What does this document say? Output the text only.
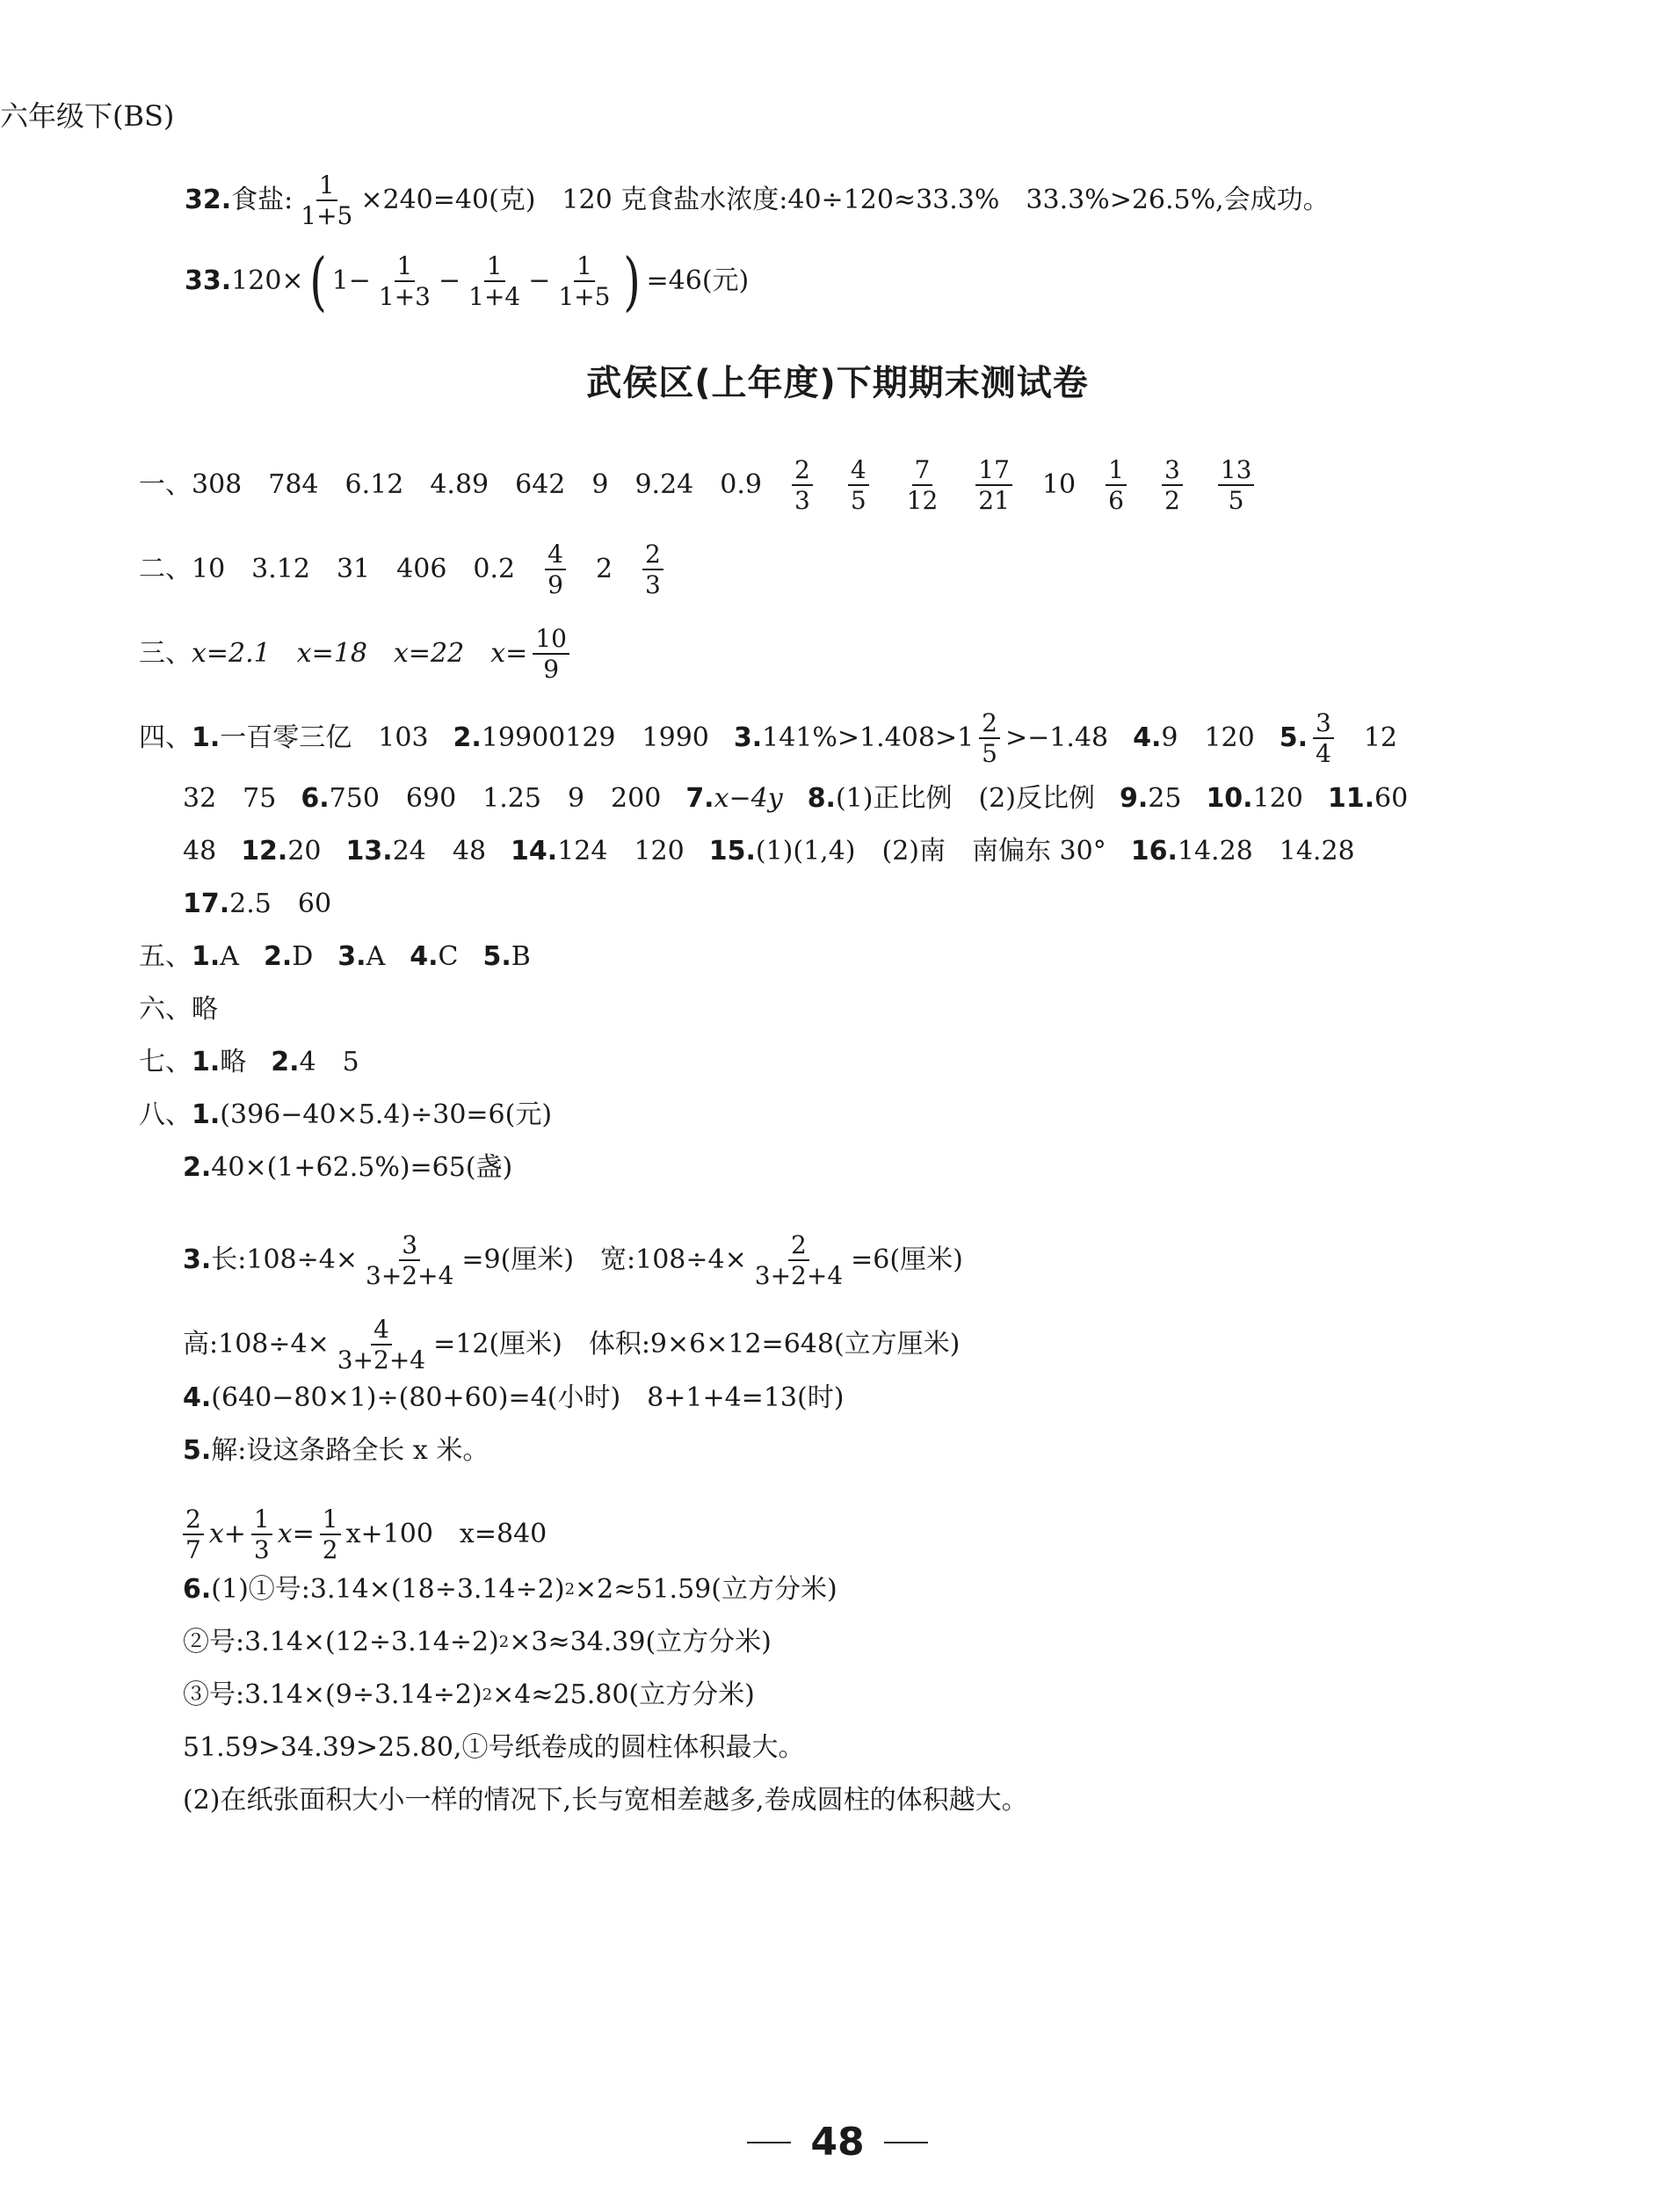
六年级下(BS)
32. 食盐: $\frac{1}{1+5} \times 240=40$(克)　120 克食盐水浓度:40÷120≈33.3%　33.3%>26.5%,会成功。
33. 120× ( $1- \frac{1}{1+3} - \frac{1}{1+4} - \frac{1}{1+5}$ ) =46(元)
武侯区(上年度)下期期末测试卷
一、 308　784　6.12　4.89　642　9　9.24　0.9 2
3
4
5
7
12
17
21
10 1
6
3
2
13
5
二、 10　3.12　31　406　0.2 4
9
2 2
3
三、 x=2.1　x=18　x=22　$x= \frac{10}{9}$
四、 1. 一百零三亿　103 2. 19900129　1990 3. 141%>1.408>1 2
5
>−1.48 4. 9　120 5. 3
4
12
32　75 6. 750　690　1.25　9　200 7. x−4y 8. (1)正比例　(2)反比例 9. 25 10. 120 11. 60
48 12. 20 13. 24　48 14. 124　120 15. (1)(1,4)　(2)南　南偏东 30° 16. 14.28　14.28
17. 2.5　60
五、 1. A 2. D 3. A 4. C 5. B
六、 略
七、 1. 略 2. 4　5
八、 1. (396−40×5.4)÷30=6(元)
2. 40×(1+62.5%)=65(盏)
3. 长:108÷4× $\frac{3}{3+2+4} =9$(厘米)　宽:108÷4× $\frac{2}{3+2+4} =6$(厘米)
高:108÷4× $\frac{4}{3+2+4} =12$(厘米)　体积:9×6×12=648(立方厘米)
4. (640−80×1)÷(80+60)=4(小时)　8+1+4=13(时)
5. 解:设这条路全长 x 米。
2
7
$x+ \frac{1}{3} x= \frac{1}{2} x+100$　x=840
6. (1)①号:3.14×(18÷3.14÷2) 2 ×2≈51.59(立方分米)
②号:3.14×(12÷3.14÷2) 2 ×3≈34.39(立方分米)
③号:3.14×(9÷3.14÷2) 2 ×4≈25.80(立方分米)
51.59>34.39>25.80,①号纸卷成的圆柱体积最大。
(2)在纸张面积大小一样的情况下,长与宽相差越多,卷成圆柱的体积越大。
48
